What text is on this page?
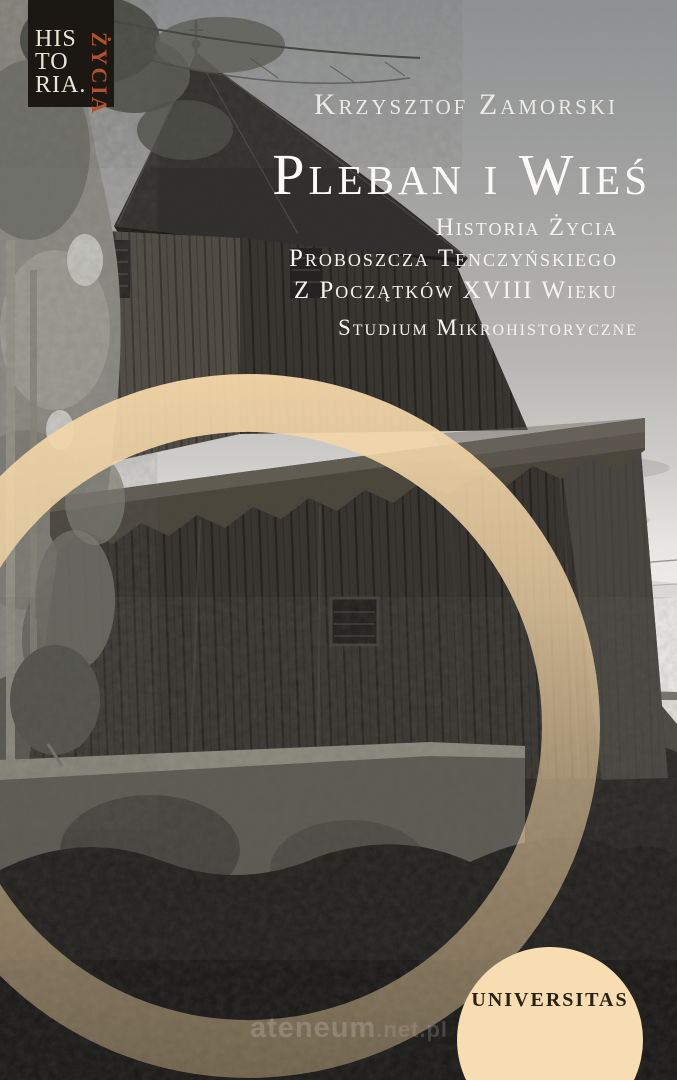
HIS
TO
RIA. ŻYCIA	Krzysztof Zamorski
Pleban i Wieś
Historia Życia
Proboszcza Tenczyńskiego
Z Początków XVIII Wieku
Studium Mikrohistoryczne
UNIVERSITAS
ateneum.net.pl
